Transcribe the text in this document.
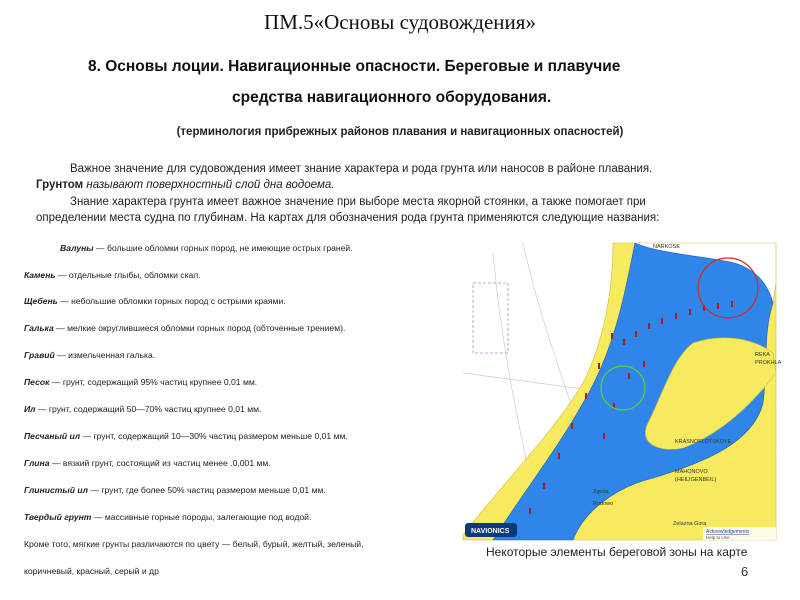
ПМ.5«Основы судовождения»
8. Основы лоции. Навигационные опасности. Береговые и плавучие
средства навигационного оборудования.
(терминология прибрежных районов плавания и навигационных опасностей)
Важное значение для судовождения имеет знание характера и рода грунта или наносов в районе плавания.
Грунтом называют поверхностный слой дна водоема.
Знание характера грунта имеет важное значение при выборе места якорной стоянки, а также помогает при
определении места судна по глубинам. На картах для обозначения рода грунта применяются следующие названия:
Валуны — большие обломки горных пород, не имеющие острых граней.
Камень — отдельные глыбы, обломки скал.
Щебень — небольшие обломки горных пород с острыми краями.
Галька — мелкие округлившиеся обломки горных пород (обточенные трением).
Гравий — измельченная галька.
Песок — грунт, содержащий 95% частиц крупнее 0,01 мм.
Ил — грунт, содержащий 50—70% частиц крупнее 0,01 мм.
Песчаный ил — грунт, содержащий 10—30% частиц размером меньше 0,01 мм.
Глина — вязкий грунт, состоящий из частиц менее .0,001 мм.
Глинистый ил — грунт, где более 50% частиц размером меньше 0,01 мм.
Твердый грунт — массивные горные породы, залегающие под водой.
Кроме того, мягкие грунты различаются по цвету — белый, бурый, желтый, зеленый,
коричневый, красный, серый и др
REKA
PROKHLA
KRASNOFLOTSKOYE
MAHONOVO
(HEILIGENBEIL)
Zgoda
Rodowo
Zelazna Gora
NARKOSE
NAVIONICS	Acknowledgements
Help to Use
Некоторые элементы береговой зоны на карте
6
